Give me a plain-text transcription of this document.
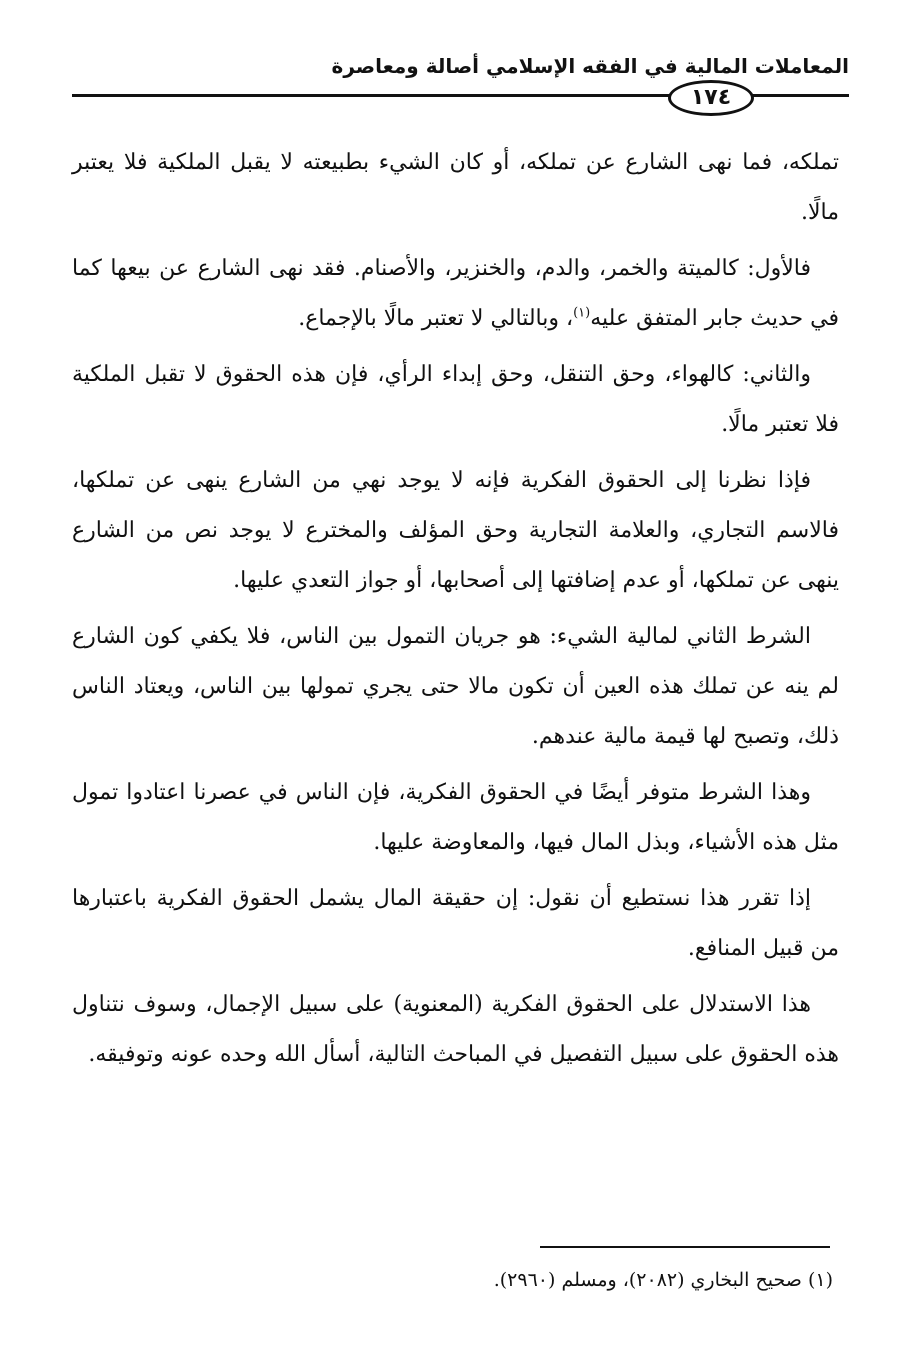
المعاملات المالية في الفقه الإسلامي أصالة ومعاصرة
١٧٤

تملكه، فما نهى الشارع عن تملكه، أو كان الشيء بطبيعته لا يقبل الملكية فلا يعتبر مالًا.

فالأول: كالميتة والخمر، والدم، والخنزير، والأصنام. فقد نهى الشارع عن بيعها كما في حديث جابر المتفق عليه$^{(١)}$، وبالتالي لا تعتبر مالًا بالإجماع.

والثاني: كالهواء، وحق التنقل، وحق إبداء الرأي، فإن هذه الحقوق لا تقبل الملكية فلا تعتبر مالًا.

فإذا نظرنا إلى الحقوق الفكرية فإنه لا يوجد نهي من الشارع ينهى عن تملكها، فالاسم التجاري، والعلامة التجارية وحق المؤلف والمخترع لا يوجد نص من الشارع ينهى عن تملكها، أو عدم إضافتها إلى أصحابها، أو جواز التعدي عليها.

الشرط الثاني لمالية الشيء: هو جريان التمول بين الناس، فلا يكفي كون الشارع لم ينه عن تملك هذه العين أن تكون مالا حتى يجري تمولها بين الناس، ويعتاد الناس ذلك، وتصبح لها قيمة مالية عندهم.

وهذا الشرط متوفر أيضًا في الحقوق الفكرية، فإن الناس في عصرنا اعتادوا تمول مثل هذه الأشياء، وبذل المال فيها، والمعاوضة عليها.

إذا تقرر هذا نستطيع أن نقول: إن حقيقة المال يشمل الحقوق الفكرية باعتبارها من قبيل المنافع.

هذا الاستدلال على الحقوق الفكرية (المعنوية) على سبيل الإجمال، وسوف نتناول هذه الحقوق على سبيل التفصيل في المباحث التالية، أسأل الله وحده عونه وتوفيقه.

(١) صحيح البخاري (٢٠٨٢)، ومسلم (٢٩٦٠).
